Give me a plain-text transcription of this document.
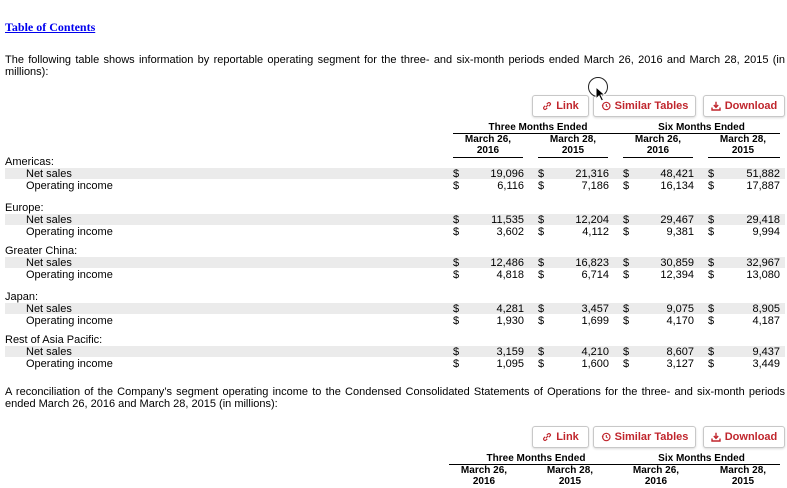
Table of Contents
The following table shows information by reportable operating segment for the three- and six-month periods ended March 26, 2016 and March 28, 2015 (in millions):
Link	Similar Tables	Download
Three Months Ended	Six Months Ended
March 26,
2016
March 28,
2015
March 26,
2016
March 28,
2015
Americas:
Net sales	$	19,096 $	21,316 $	48,421 $	51,882
Operating income	$	6,116 $	7,186 $	16,134 $	17,887
Europe:
Net sales	$	11,535 $	12,204 $	29,467 $	29,418
Operating income	$	3,602 $	4,112 $	9,381 $	9,994
Greater China:
Net sales	$	12,486 $	16,823 $	30,859 $	32,967
Operating income	$	4,818 $	6,714 $	12,394 $	13,080
Japan:
Net sales	$	4,281 $	3,457 $	9,075 $	8,905
Operating income	$	1,930 $	1,699 $	4,170 $	4,187
Rest of Asia Pacific:
Net sales	$	3,159 $	4,210 $	8,607 $	9,437
Operating income	$	1,095 $	1,600 $	3,127 $	3,449
A reconciliation of the Company’s segment operating income to the Condensed Consolidated Statements of Operations for the three- and six-month periods ended March 26, 2016 and March 28, 2015 (in millions):
Link	Similar Tables	Download
Three Months Ended	Six Months Ended
March 26,
2016
March 28,
2015
March 26,
2016
March 28,
2015
